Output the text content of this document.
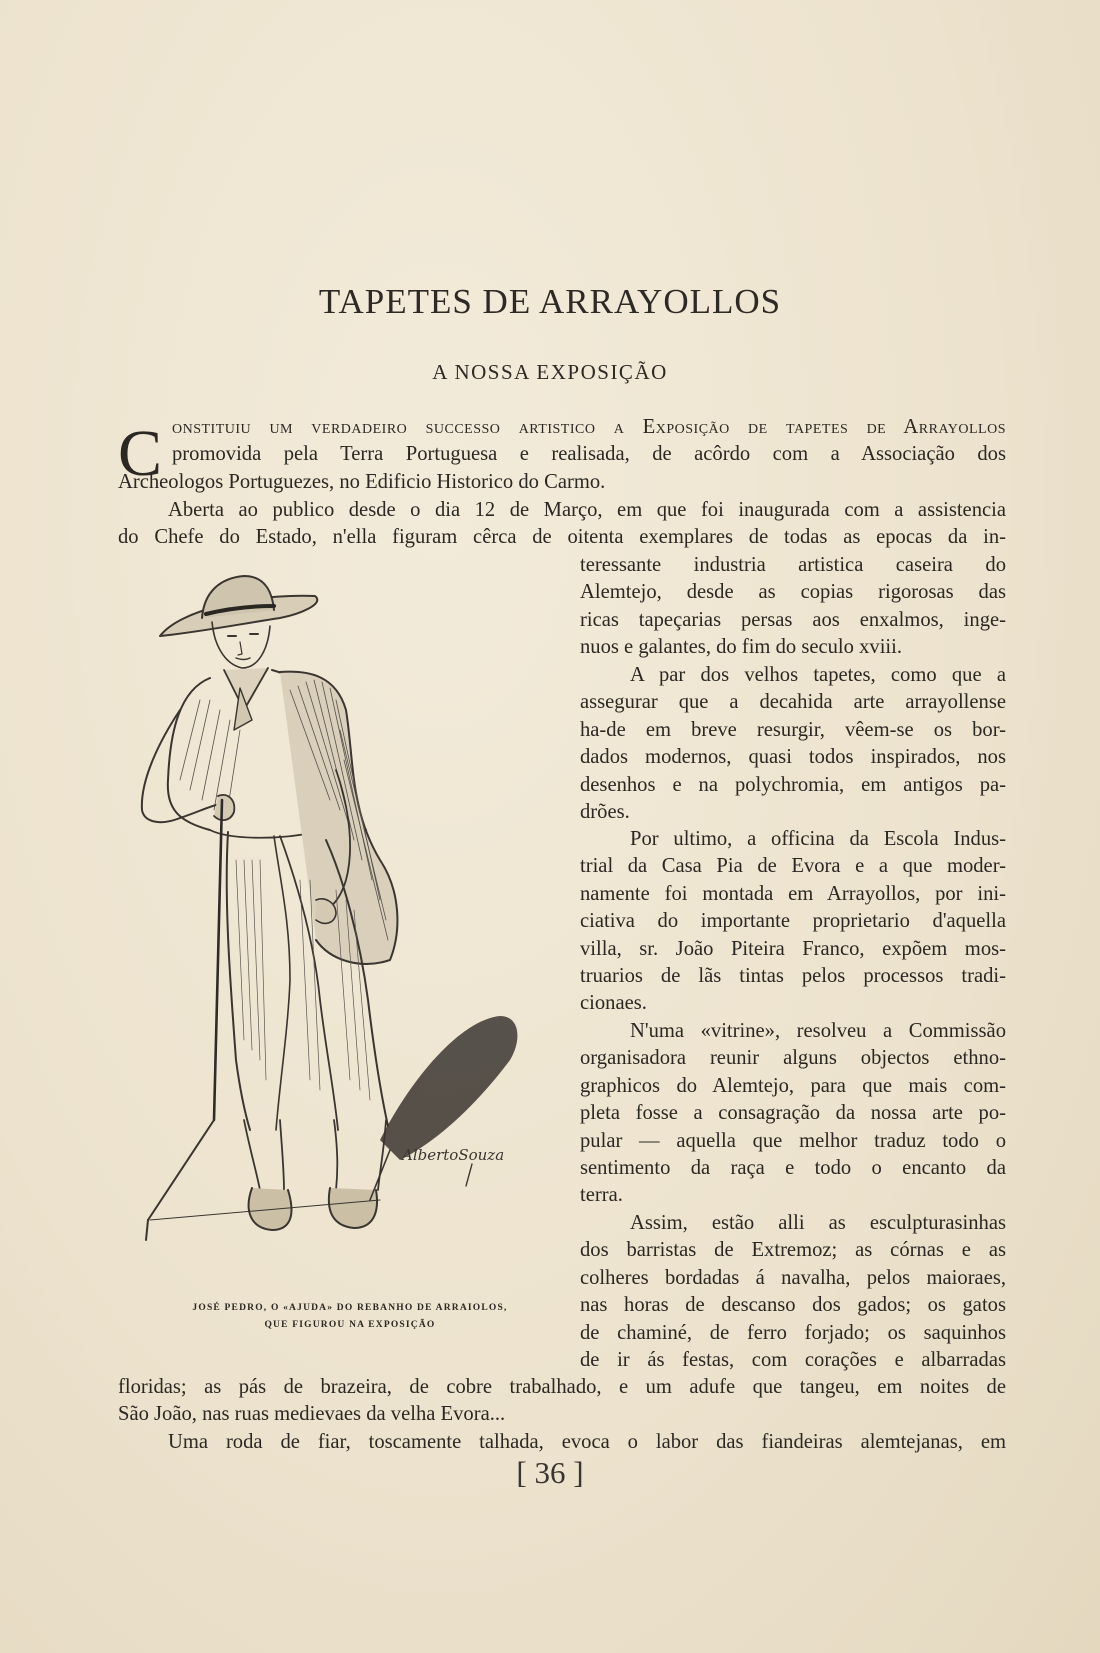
TAPETES DE ARRAYOLLOS
A NOSSA EXPOSIÇÃO
C onstituiu um verdadeiro successo artistico a Exposição de tapetes de Arrayollos
promovida pela Terra Portuguesa e realisada, de acôrdo com a Associação dos
Archeologos Portuguezes, no Edificio Historico do Carmo.
Aberta ao publico desde o dia 12 de Março, em que foi inaugurada com a assistencia
do Chefe do Estado, n'ella figuram cêrca de oitenta exemplares de todas as epocas da in-
teressante industria artistica caseira do
Alemtejo, desde as copias rigorosas das
ricas tapeçarias persas aos enxalmos, inge-
nuos e galantes, do fim do seculo xviii.
A par dos velhos tapetes, como que a
assegurar que a decahida arte arrayollense
ha-de em breve resurgir, vêem-se os bor-
dados modernos, quasi todos inspirados, nos
desenhos e na polychromia, em antigos pa-
drões.
Por ultimo, a officina da Escola Indus-
trial da Casa Pia de Evora e a que moder-
namente foi montada em Arrayollos, por ini-
ciativa do importante proprietario d'aquella
villa, sr. João Piteira Franco, expõem mos-
truarios de lãs tintas pelos processos tradi-
cionaes.
N'uma «vitrine», resolveu a Commissão
organisadora reunir alguns objectos ethno-
graphicos do Alemtejo, para que mais com-
pleta fosse a consagração da nossa arte po-
pular — aquella que melhor traduz todo o
sentimento da raça e todo o encanto da
terra.
Assim, estão alli as esculpturasinhas
dos barristas de Extremoz; as córnas e as
colheres bordadas á navalha, pelos maioraes,
nas horas de descanso dos gados; os gatos
de chaminé, de ferro forjado; os saquinhos
de ir ás festas, com corações e albarradas
floridas; as pás de brazeira, de cobre trabalhado, e um adufe que tangeu, em noites de
São João, nas ruas medievaes da velha Evora...
Uma roda de fiar, toscamente talhada, evoca o labor das fiandeiras alemtejanas, em
AlbertoSouza
JOSÉ PEDRO, O «AJUDA» DO REBANHO DE ARRAIOLOS,
QUE FIGUROU NA EXPOSIÇÃO
[ 36 ]
